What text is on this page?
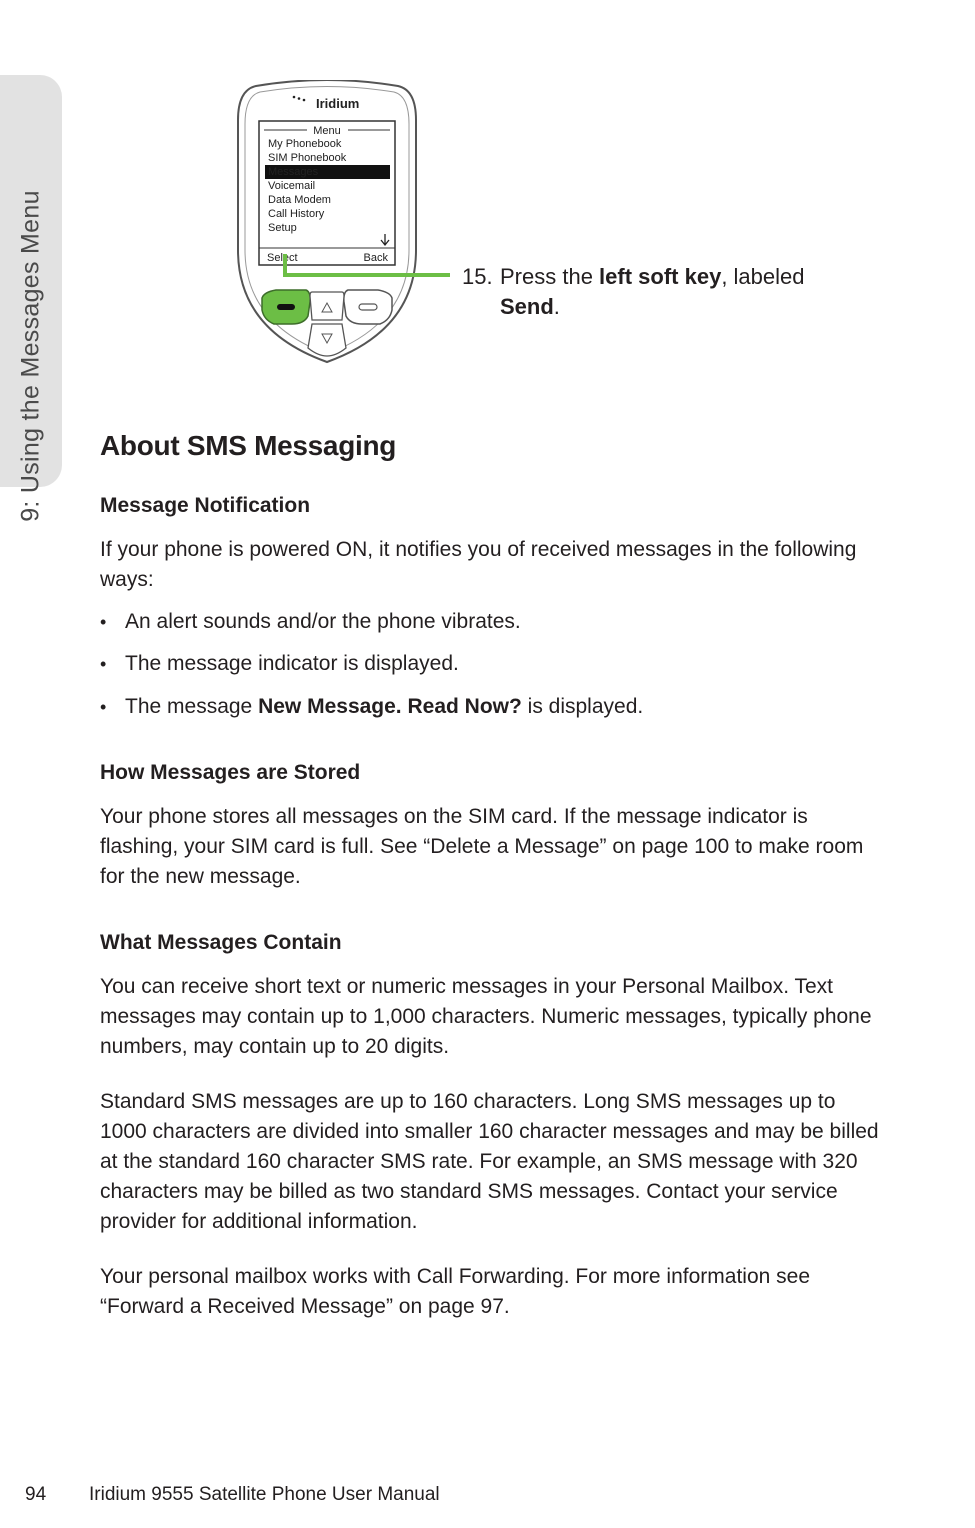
9: Using the Messages Menu
Iridium
Menu
My Phonebook
SIM Phonebook
Messages
Voicemail
Data Modem
Call History
Setup
Select	Back
15. Press the left soft key, labeled
Send.
About SMS Messaging
Message Notification

If your phone is powered ON, it notifies you of received messages in the following ways:

• An alert sounds and/or the phone vibrates.
• The message indicator is displayed.
• The message New Message. Read Now? is displayed.
How Messages are Stored

Your phone stores all messages on the SIM card. If the message indicator is flashing, your SIM card is full. See “Delete a Message” on page 100 to make room for the new message.

What Messages Contain

You can receive short text or numeric messages in your Personal Mailbox. Text messages may contain up to 1,000 characters. Numeric messages, typically phone numbers, may contain up to 20 digits.

Standard SMS messages are up to 160 characters. Long SMS messages up to 1000 characters are divided into smaller 160 character messages and may be billed at the standard 160 character SMS rate. For example, an SMS message with 320 characters may be billed as two standard SMS messages. Contact your service provider for additional information.

Your personal mailbox works with Call Forwarding. For more information see “Forward a Received Message” on page 97.

94 Iridium 9555 Satellite Phone User Manual
